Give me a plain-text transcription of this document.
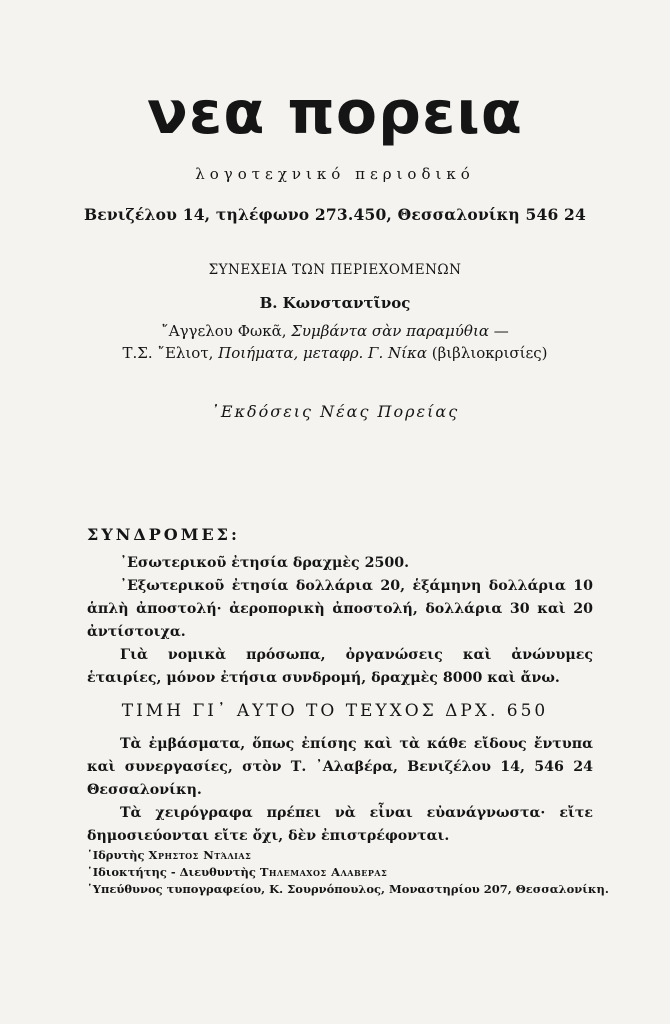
νεα πορεια
λογοτεχνικό περιοδικό
Βενιζέλου 14, τηλέφωνο 273.450, Θεσσαλονίκη 546 24
ΣΥΝΕΧΕΙΑ ΤΩΝ ΠΕΡΙΕΧΟΜΕΝΩΝ
Β. Κωνσταντῖνος
῎Αγγελου Φωκᾶ, Συμβάντα σὰν παραμύθια —
Τ.Σ. ῎Ελιοτ, Ποιήματα, μεταφρ. Γ. Νίκα (βιβλιοκρισίες)
᾽Εκδόσεις Νέας Πορείας
ΣΥΝΔΡΟΜΕΣ:

᾽Εσωτερικοῦ ἐτησία δραχμὲς 2500.

᾽Εξωτερικοῦ ἐτησία δολλάρια 20, ἑξάμηνη δολλάρια 10 ἁπλὴ ἀποστολή· ἀεροπορικὴ ἀποστολή, δολλάρια 30 καὶ 20 ἀντίστοιχα.

Γιὰ νομικὰ πρόσωπα, ὀργανώσεις καὶ ἀνώνυμες ἑταιρίες, μόνον ἐτήσια συνδρομή, δραχμὲς 8000 καὶ ἄνω.

ΤΙΜΗ ΓΙ᾽ ΑΥΤΟ ΤΟ ΤΕΥΧΟΣ ΔΡΧ. 650

Τὰ ἐμβάσματα, ὅπως ἐπίσης καὶ τὰ κάθε εἴδους ἔντυπα καὶ συνεργασίες, στὸν Τ. ᾽Αλαβέρα, Βενιζέλου 14, 546 24 Θεσσαλονίκη.

Τὰ χειρόγραφα πρέπει νὰ εἶναι εὐανάγνωστα· εἴτε δημοσιεύονται εἴτε ὄχι, δὲν ἐπιστρέφονται.

῾Ιδρυτὴς Χρηστος Ντάλιας
῾Ιδιοκτήτης - Διευθυντὴς Τηλεμαχος Αλαβερας
῾Υπεύθυνος τυπογραφείου, Κ. Σουρνόπουλος, Μοναστηρίου 207, Θεσσαλονίκη.
